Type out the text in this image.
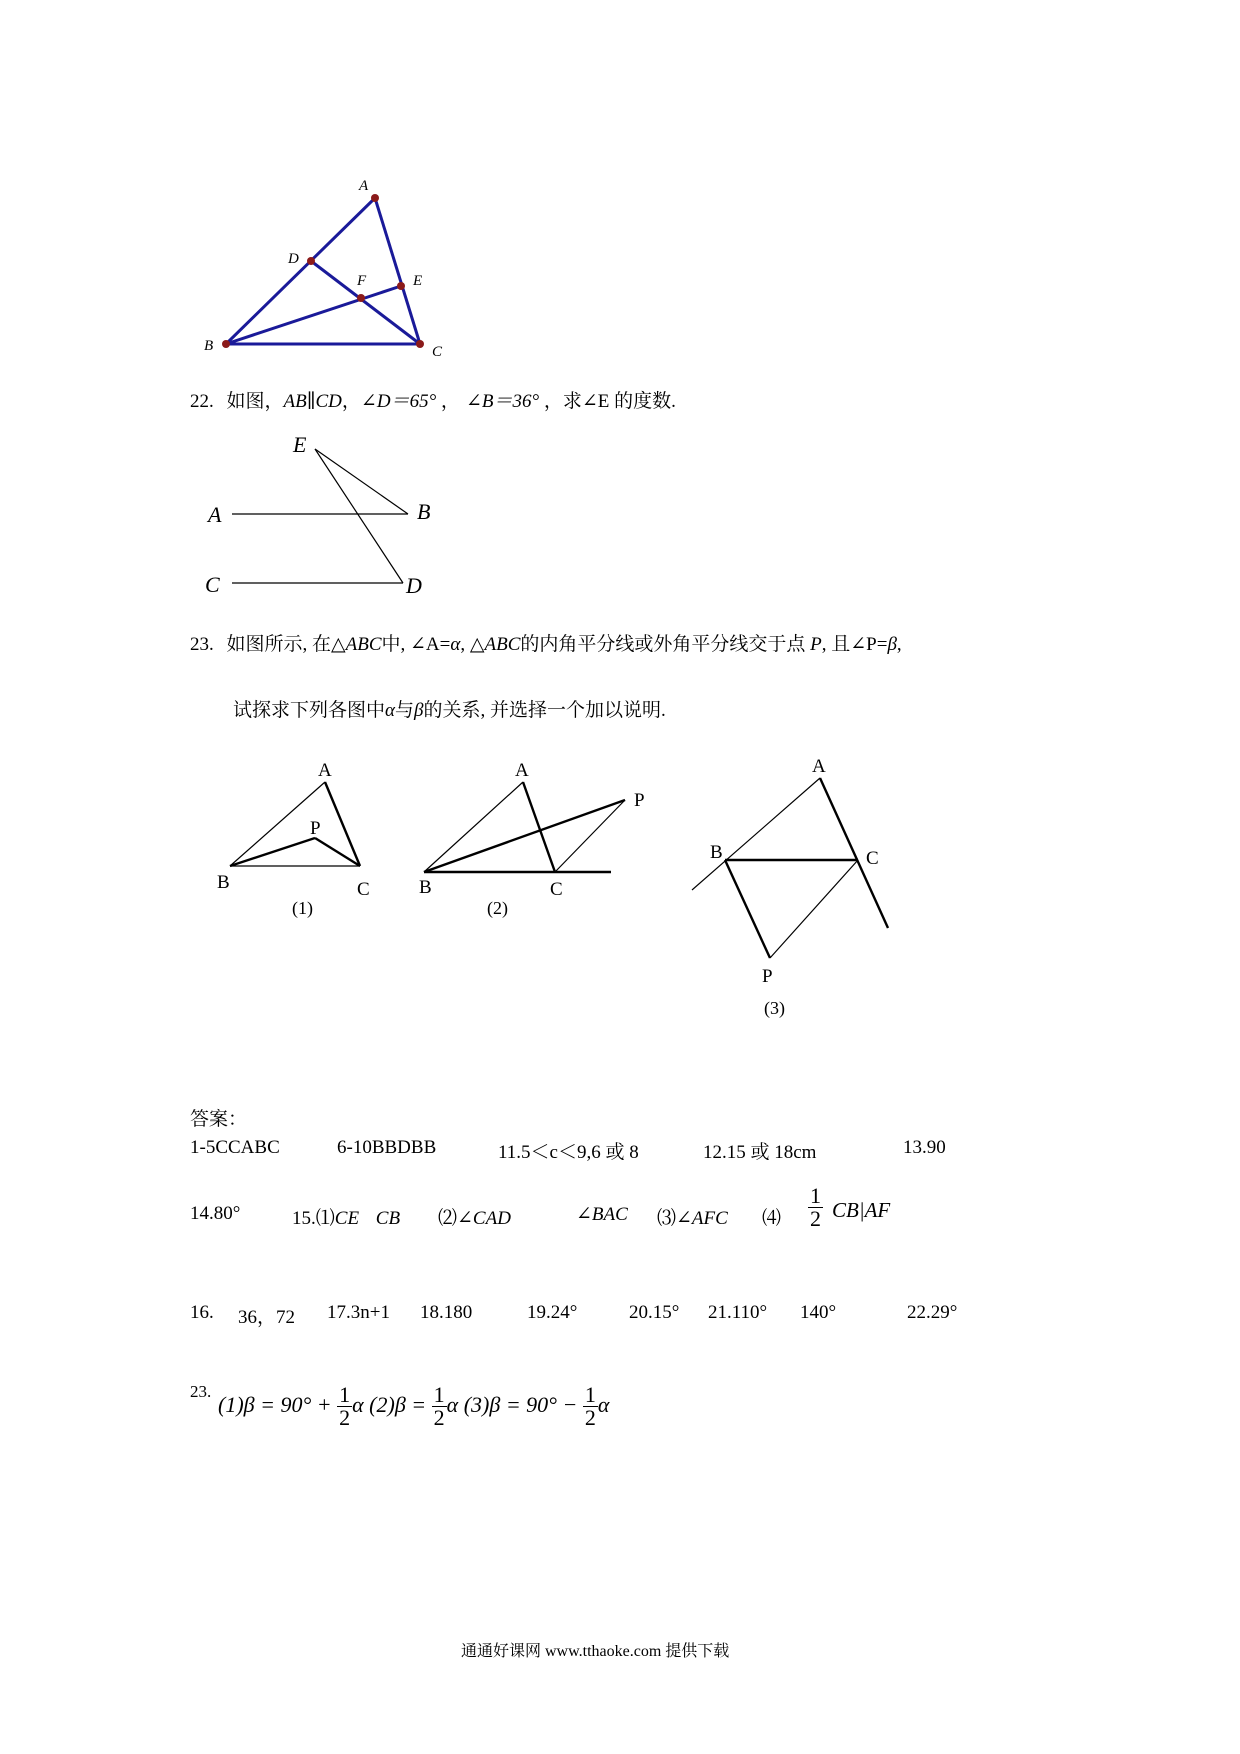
A
D
F	E
B	C
22. 如图，AB∥CD，∠D＝65° ， ∠B＝36° ，求∠E 的度数.
E
A	B
C	D
23. 如图所示, 在△ABC中, ∠A=α, △ABC的内角平分线或外角平分线交于点 P, 且∠P=β,
试探求下列各图中α与β的关系, 并选择一个加以说明.
A
P
B	C
(1)
A
P
B	C
(2)
A
B	C
P
(3)
答案：
1-5CCABC	6-10BBDBB	11.5＜c＜9,6 或 8	12.15 或 18cm	13.90
14.80°	15.⑴CE CB ⑵∠CAD	∠BAC ⑶∠AFC ⑷ $\frac{1}{2} CB|AF$
16. 36，72 17.3n+1 18.180	19.24°	20.15° 21.110° 140°	22.29°
23.
$(1)\beta = 90^\circ + \frac{1}{2}$ α $(2)\beta = \frac{1}{2}$ α $(3)\beta = 90^\circ - \frac{1}{2}$ α
通通好课网 www.tthaoke.com 提供下载
